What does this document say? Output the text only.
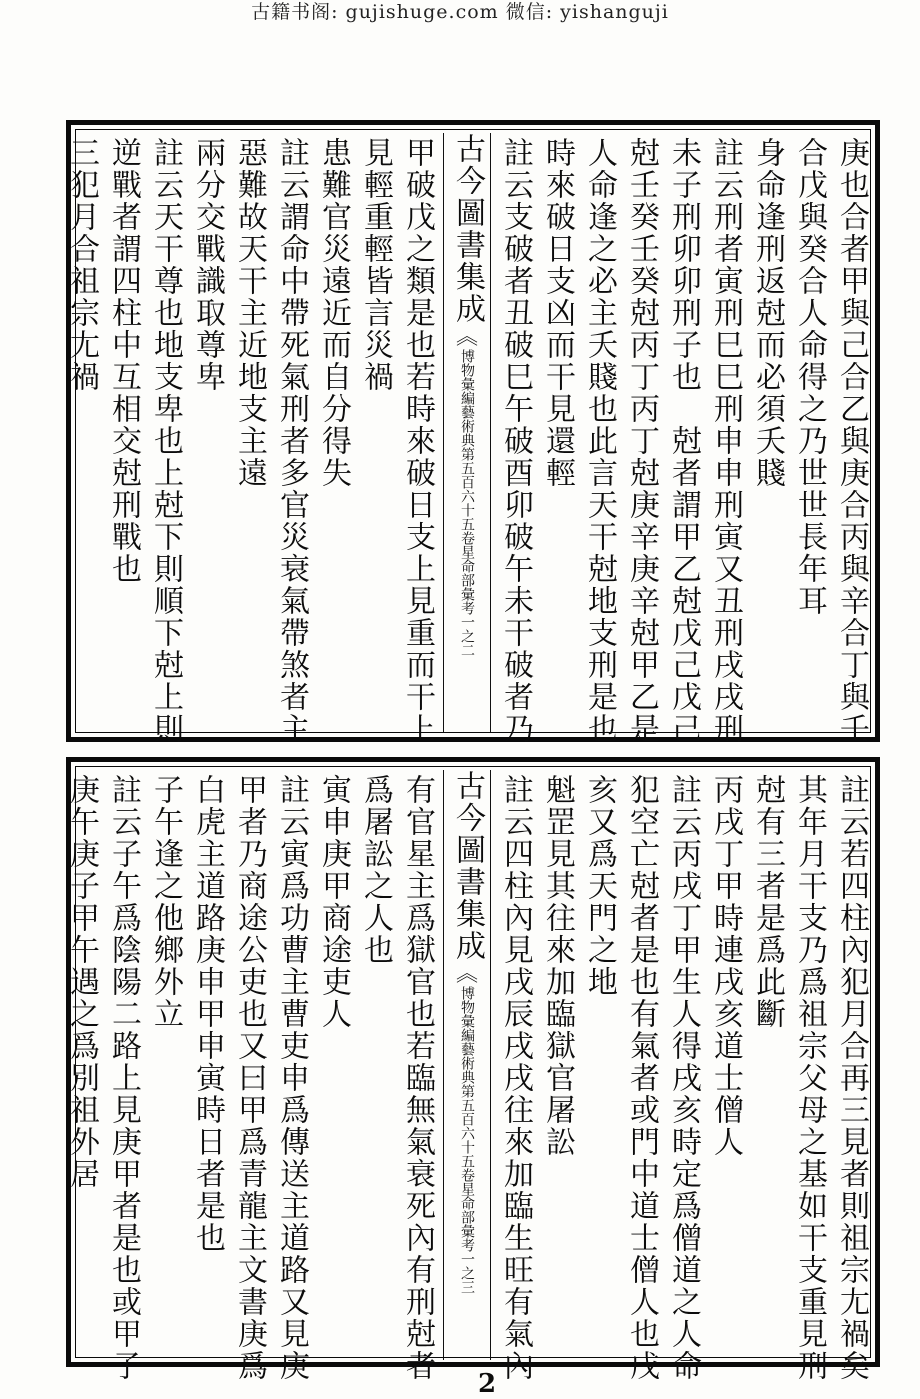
古籍书阁: gujishuge.com 微信: yishanguji
庚也合者甲與己合乙與庚合丙與辛合丁與壬
合戊與癸合人命得之乃世世長年耳
身命逢刑返尅而必須夭賤
註云刑者寅刑巳巳刑申申刑寅又丑刑戌戌刑
未子刑卯卯刑子也　尅者謂甲乙尅戊己戊己
尅壬癸壬癸尅丙丁丙丁尅庚辛庚辛尅甲乙是
人命逢之必主夭賤也此言天干尅地支刑是也
時來破日支凶而干見還輕
註云支破者丑破巳午破酉卯破午未干破者乃
古今圖書集成
︽
博物彙編藝術典第五百六十五卷星命部彙考一之二
甲破戊之類是也若時來破日支上見重而干上
見輕重輕皆言災禍
患難官災遠近而自分得失
註云謂命中帶死氣刑者多官災衰氣帶煞者主
惡難故天干主近地支主遠
兩分交戰識取尊卑
註云天干尊也地支卑也上尅下則順下尅上則
逆戰者謂四柱中互相交尅刑戰也
三犯月合祖宗尢禍
註云若四柱內犯月合再三見者則祖宗尢禍矣
其年月干支乃爲祖宗父母之基如干支重見刑
尅有三者是爲此斷
丙戌丁甲時連戌亥道士僧人
註云丙戌丁甲生人得戌亥時定爲僧道之人命
犯空亡尅者是也有氣者或門中道士僧人也戌
亥又爲天門之地
魁罡見其往來加臨獄官屠訟
註云四柱內見戌辰戌戌往來加臨生旺有氣內
古今圖書集成
︽
博物彙編藝術典第五百六十五卷星命部彙考一之三
有官星主爲獄官也若臨無氣衰死內有刑尅者
爲屠訟之人也
寅申庚甲商途吏人
註云寅爲功曹主曹吏申爲傳送主道路又見庚
甲者乃商途公吏也又曰甲爲青龍主文書庚爲
白虎主道路庚申甲申寅時日者是也
子午逢之他鄉外立
註云子午爲陰陽二路上見庚甲者是也或甲子
庚午庚子甲午遇之爲別祖外居
2
